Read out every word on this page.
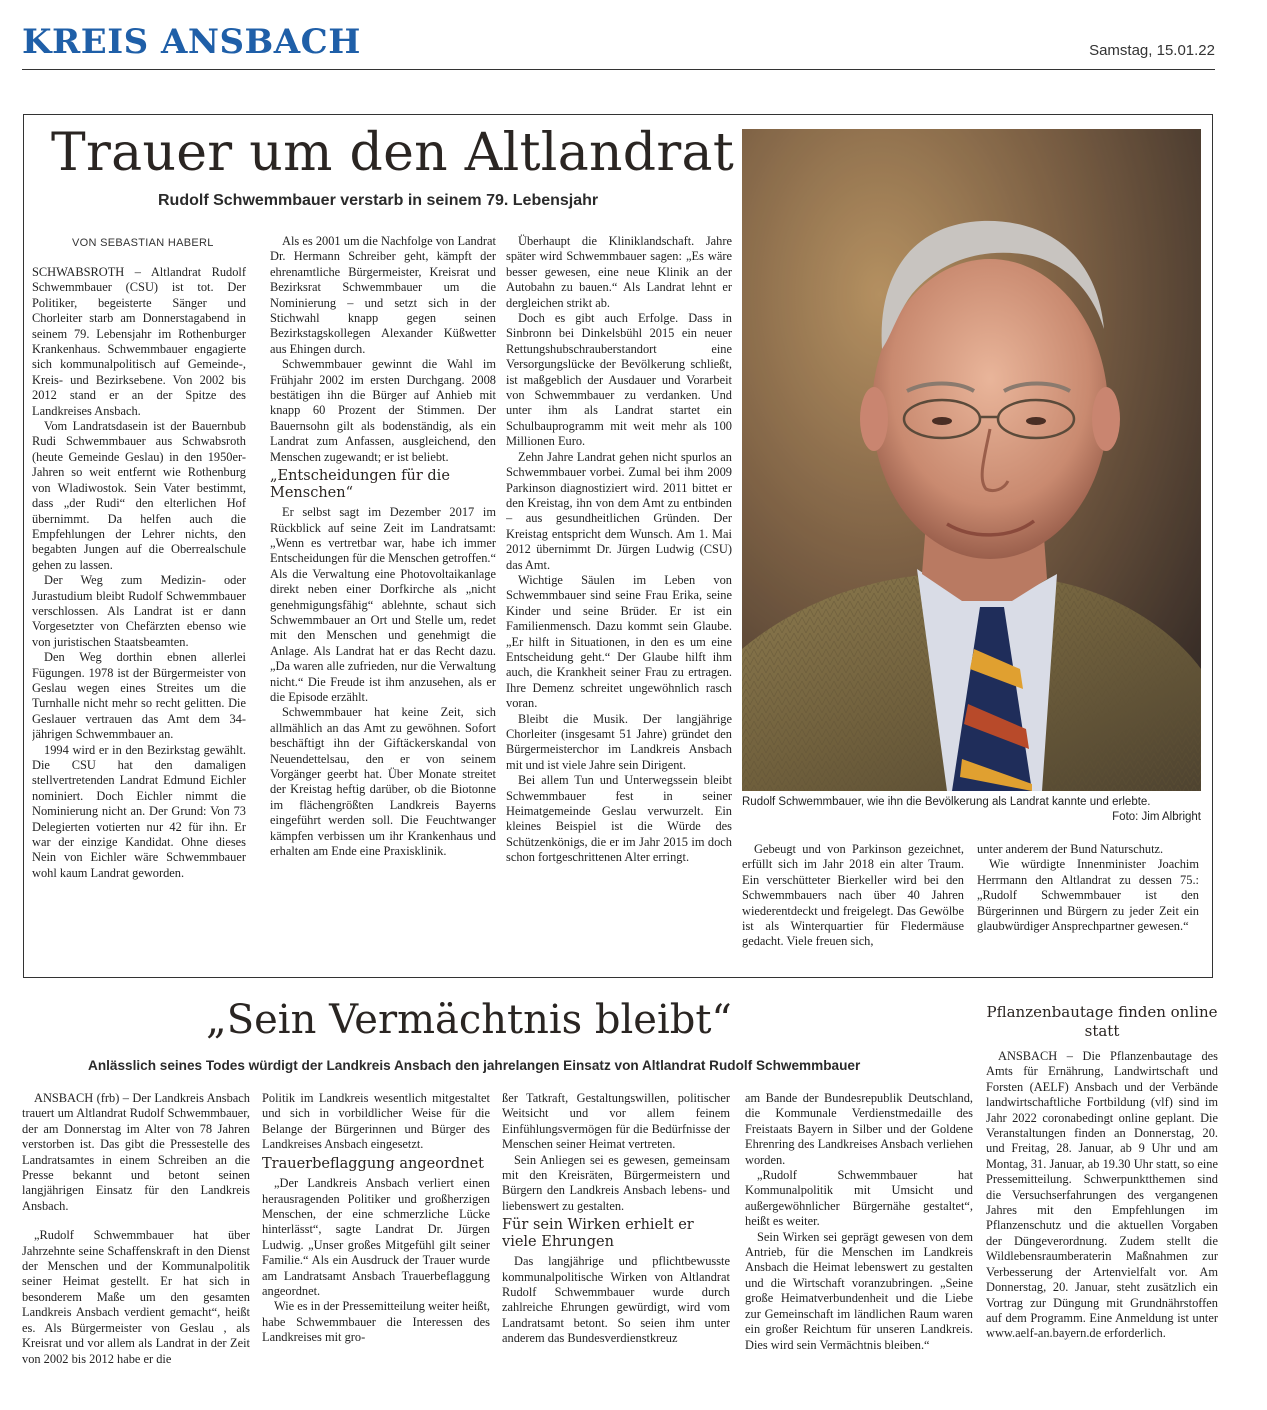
KREIS ANSBACH	Samstag, 15.01.22
Trauer um den Altlandrat
Rudolf Schwemmbauer verstarb in seinem 79. Lebensjahr
VON SEBASTIAN HABERL

SCHWABSROTH – Altlandrat Rudolf Schwemmbauer (CSU) ist tot. Der Politiker, begeisterte Sänger und Chorleiter starb am Donnerstagabend in seinem 79. Lebensjahr im Rothenburger Krankenhaus. Schwemmbauer engagierte sich kommunalpolitisch auf Gemeinde-, Kreis- und Bezirksebene. Von 2002 bis 2012 stand er an der Spitze des Landkreises Ansbach.

Vom Landratsdasein ist der Bauernbub Rudi Schwemmbauer aus Schwabsroth (heute Gemeinde Geslau) in den 1950er-Jahren so weit entfernt wie Rothenburg von Wladiwostok. Sein Vater bestimmt, dass „der Rudi“ den elterlichen Hof übernimmt. Da helfen auch die Empfehlungen der Lehrer nichts, den begabten Jungen auf die Oberrealschule gehen zu lassen.

Der Weg zum Medizin- oder Jurastudium bleibt Rudolf Schwemmbauer verschlossen. Als Landrat ist er dann Vorgesetzter von Chefärzten ebenso wie von juristischen Staatsbeamten.

Den Weg dorthin ebnen allerlei Fügungen. 1978 ist der Bürgermeister von Geslau wegen eines Streites um die Turnhalle nicht mehr so recht gelitten. Die Geslauer vertrauen das Amt dem 34-jährigen Schwemmbauer an.

1994 wird er in den Bezirkstag gewählt. Die CSU hat den damaligen stellvertretenden Landrat Edmund Eichler nominiert. Doch Eichler nimmt die Nominierung nicht an. Der Grund: Von 73 Delegierten votierten nur 42 für ihn. Er war der einzige Kandidat. Ohne dieses Nein von Eichler wäre Schwemmbauer wohl kaum Landrat geworden.

Als es 2001 um die Nachfolge von Landrat Dr. Hermann Schreiber geht, kämpft der ehrenamtliche Bürgermeister, Kreisrat und Bezirksrat Schwemmbauer um die Nominierung – und setzt sich in der Stichwahl knapp gegen seinen Bezirkstagskollegen Alexander Küßwetter aus Ehingen durch.

Schwemmbauer gewinnt die Wahl im Frühjahr 2002 im ersten Durchgang. 2008 bestätigen ihn die Bürger auf Anhieb mit knapp 60 Prozent der Stimmen. Der Bauernsohn gilt als bodenständig, als ein Landrat zum Anfassen, ausgleichend, den Menschen zugewandt; er ist beliebt.

„Entscheidungen für die Menschen“

Er selbst sagt im Dezember 2017 im Rückblick auf seine Zeit im Landratsamt: „Wenn es vertretbar war, habe ich immer Entscheidungen für die Menschen getroffen.“ Als die Verwaltung eine Photovoltaikanlage direkt neben einer Dorfkirche als „nicht genehmigungsfähig“ ablehnte, schaut sich Schwemmbauer an Ort und Stelle um, redet mit den Menschen und genehmigt die Anlage. Als Landrat hat er das Recht dazu. „Da waren alle zufrieden, nur die Verwaltung nicht.“ Die Freude ist ihm anzusehen, als er die Episode erzählt.

Schwemmbauer hat keine Zeit, sich allmählich an das Amt zu gewöhnen. Sofort beschäftigt ihn der Giftäckerskandal von Neuendettelsau, den er von seinem Vorgänger geerbt hat. Über Monate streitet der Kreistag heftig darüber, ob die Biotonne im flächengrößten Landkreis Bayerns eingeführt werden soll. Die Feuchtwanger kämpfen verbissen um ihr Krankenhaus und erhalten am Ende eine Praxisklinik.

Überhaupt die Kliniklandschaft. Jahre später wird Schwemmbauer sagen: „Es wäre besser gewesen, eine neue Klinik an der Autobahn zu bauen.“ Als Landrat lehnt er dergleichen strikt ab.

Doch es gibt auch Erfolge. Dass in Sinbronn bei Dinkelsbühl 2015 ein neuer Rettungshubschrauberstandort eine Versorgungslücke der Bevölkerung schließt, ist maßgeblich der Ausdauer und Vorarbeit von Schwemmbauer zu verdanken. Und unter ihm als Landrat startet ein Schulbauprogramm mit weit mehr als 100 Millionen Euro.

Zehn Jahre Landrat gehen nicht spurlos an Schwemmbauer vorbei. Zumal bei ihm 2009 Parkinson diagnostiziert wird. 2011 bittet er den Kreistag, ihn von dem Amt zu entbinden – aus gesundheitlichen Gründen. Der Kreistag entspricht dem Wunsch. Am 1. Mai 2012 übernimmt Dr. Jürgen Ludwig (CSU) das Amt.

Wichtige Säulen im Leben von Schwemmbauer sind seine Frau Erika, seine Kinder und seine Brüder. Er ist ein Familienmensch. Dazu kommt sein Glaube. „Er hilft in Situationen, in den es um eine Entscheidung geht.“ Der Glaube hilft ihm auch, die Krankheit seiner Frau zu ertragen. Ihre Demenz schreitet ungewöhnlich rasch voran.

Bleibt die Musik. Der langjährige Chorleiter (insgesamt 51 Jahre) gründet den Bürgermeisterchor im Landkreis Ansbach mit und ist viele Jahre sein Dirigent.

Bei allem Tun und Unterwegssein bleibt Schwemmbauer fest in seiner Heimatgemeinde Geslau verwurzelt. Ein kleines Beispiel ist die Würde des Schützenkönigs, die er im Jahr 2015 im doch schon fortgeschrittenen Alter erringt.

Rudolf Schwemmbauer, wie ihn die Bevölkerung als Landrat kannte und erlebte.
Foto: Jim Albright

Gebeugt und von Parkinson gezeichnet, erfüllt sich im Jahr 2018 ein alter Traum. Ein verschütteter Bierkeller wird bei den Schwemmbauers nach über 40 Jahren wiederentdeckt und freigelegt. Das Gewölbe ist als Winterquartier für Fledermäuse gedacht. Viele freuen sich,

unter anderem der Bund Naturschutz.

Wie würdigte Innenminister Joachim Herrmann den Altlandrat zu dessen 75.: „Rudolf Schwemmbauer ist den Bürgerinnen und Bürgern zu jeder Zeit ein glaubwürdiger Ansprechpartner gewesen.“

„Sein Vermächtnis bleibt“
Anlässlich seines Todes würdigt der Landkreis Ansbach den jahrelangen Einsatz von Altlandrat Rudolf Schwemmbauer

ANSBACH (frb) – Der Landkreis Ansbach trauert um Altlandrat Rudolf Schwemmbauer, der am Donnerstag im Alter von 78 Jahren verstorben ist. Das gibt die Pressestelle des Landratsamtes in einem Schreiben an die Presse bekannt und betont seinen langjährigen Einsatz für den Landkreis Ansbach.

„Rudolf Schwemmbauer hat über Jahrzehnte seine Schaffenskraft in den Dienst der Menschen und der Kommunalpolitik seiner Heimat gestellt. Er hat sich in besonderem Maße um den gesamten Landkreis Ansbach verdient gemacht“, heißt es. Als Bürgermeister von Geslau , als Kreisrat und vor allem als Landrat in der Zeit von 2002 bis 2012 habe er die

Politik im Landkreis wesentlich mitgestaltet und sich in vorbildlicher Weise für die Belange der Bürgerinnen und Bürger des Landkreises Ansbach eingesetzt.

Trauerbeflaggung angeordnet

„Der Landkreis Ansbach verliert einen herausragenden Politiker und großherzigen Menschen, der eine schmerzliche Lücke hinterlässt“, sagte Landrat Dr. Jürgen Ludwig. „Unser großes Mitgefühl gilt seiner Familie.“ Als ein Ausdruck der Trauer wurde am Landratsamt Ansbach Trauerbeflaggung angeordnet.

Wie es in der Pressemitteilung weiter heißt, habe Schwemmbauer die Interessen des Landkreises mit gro-

ßer Tatkraft, Gestaltungswillen, politischer Weitsicht und vor allem feinem Einfühlungsvermögen für die Bedürfnisse der Menschen seiner Heimat vertreten.

Sein Anliegen sei es gewesen, gemeinsam mit den Kreisräten, Bürgermeistern und Bürgern den Landkreis Ansbach lebens- und liebenswert zu gestalten.

Für sein Wirken erhielt er viele Ehrungen

Das langjährige und pflichtbewusste kommunalpolitische Wirken von Altlandrat Rudolf Schwemmbauer wurde durch zahlreiche Ehrungen gewürdigt, wird vom Landratsamt betont. So seien ihm unter anderem das Bundesverdienstkreuz

am Bande der Bundesrepublik Deutschland, die Kommunale Verdienstmedaille des Freistaats Bayern in Silber und der Goldene Ehrenring des Landkreises Ansbach verliehen worden.

„Rudolf Schwemmbauer hat Kommunalpolitik mit Umsicht und außergewöhnlicher Bürgernähe gestaltet“, heißt es weiter.

Sein Wirken sei geprägt gewesen von dem Antrieb, für die Menschen im Landkreis Ansbach die Heimat lebenswert zu gestalten und die Wirtschaft voranzubringen. „Seine große Heimatverbundenheit und die Liebe zur Gemeinschaft im ländlichen Raum waren ein großer Reichtum für unseren Landkreis. Dies wird sein Vermächtnis bleiben.“

Pflanzenbautage finden online statt

ANSBACH – Die Pflanzenbautage des Amts für Ernährung, Landwirtschaft und Forsten (AELF) Ansbach und der Verbände landwirtschaftliche Fortbildung (vlf) sind im Jahr 2022 coronabedingt online geplant. Die Veranstaltungen finden an Donnerstag, 20. und Freitag, 28. Januar, ab 9 Uhr und am Montag, 31. Januar, ab 19.30 Uhr statt, so eine Pressemitteilung. Schwerpunktthemen sind die Versuchserfahrungen des vergangenen Jahres mit den Empfehlungen im Pflanzenschutz und die aktuellen Vorgaben der Düngeverordnung. Zudem stellt die Wildlebensraumberaterin Maßnahmen zur Verbesserung der Artenvielfalt vor. Am Donnerstag, 20. Januar, steht zusätzlich ein Vortrag zur Düngung mit Grundnährstoffen auf dem Programm. Eine Anmeldung ist unter www.aelf-an.bayern.de erforderlich.
